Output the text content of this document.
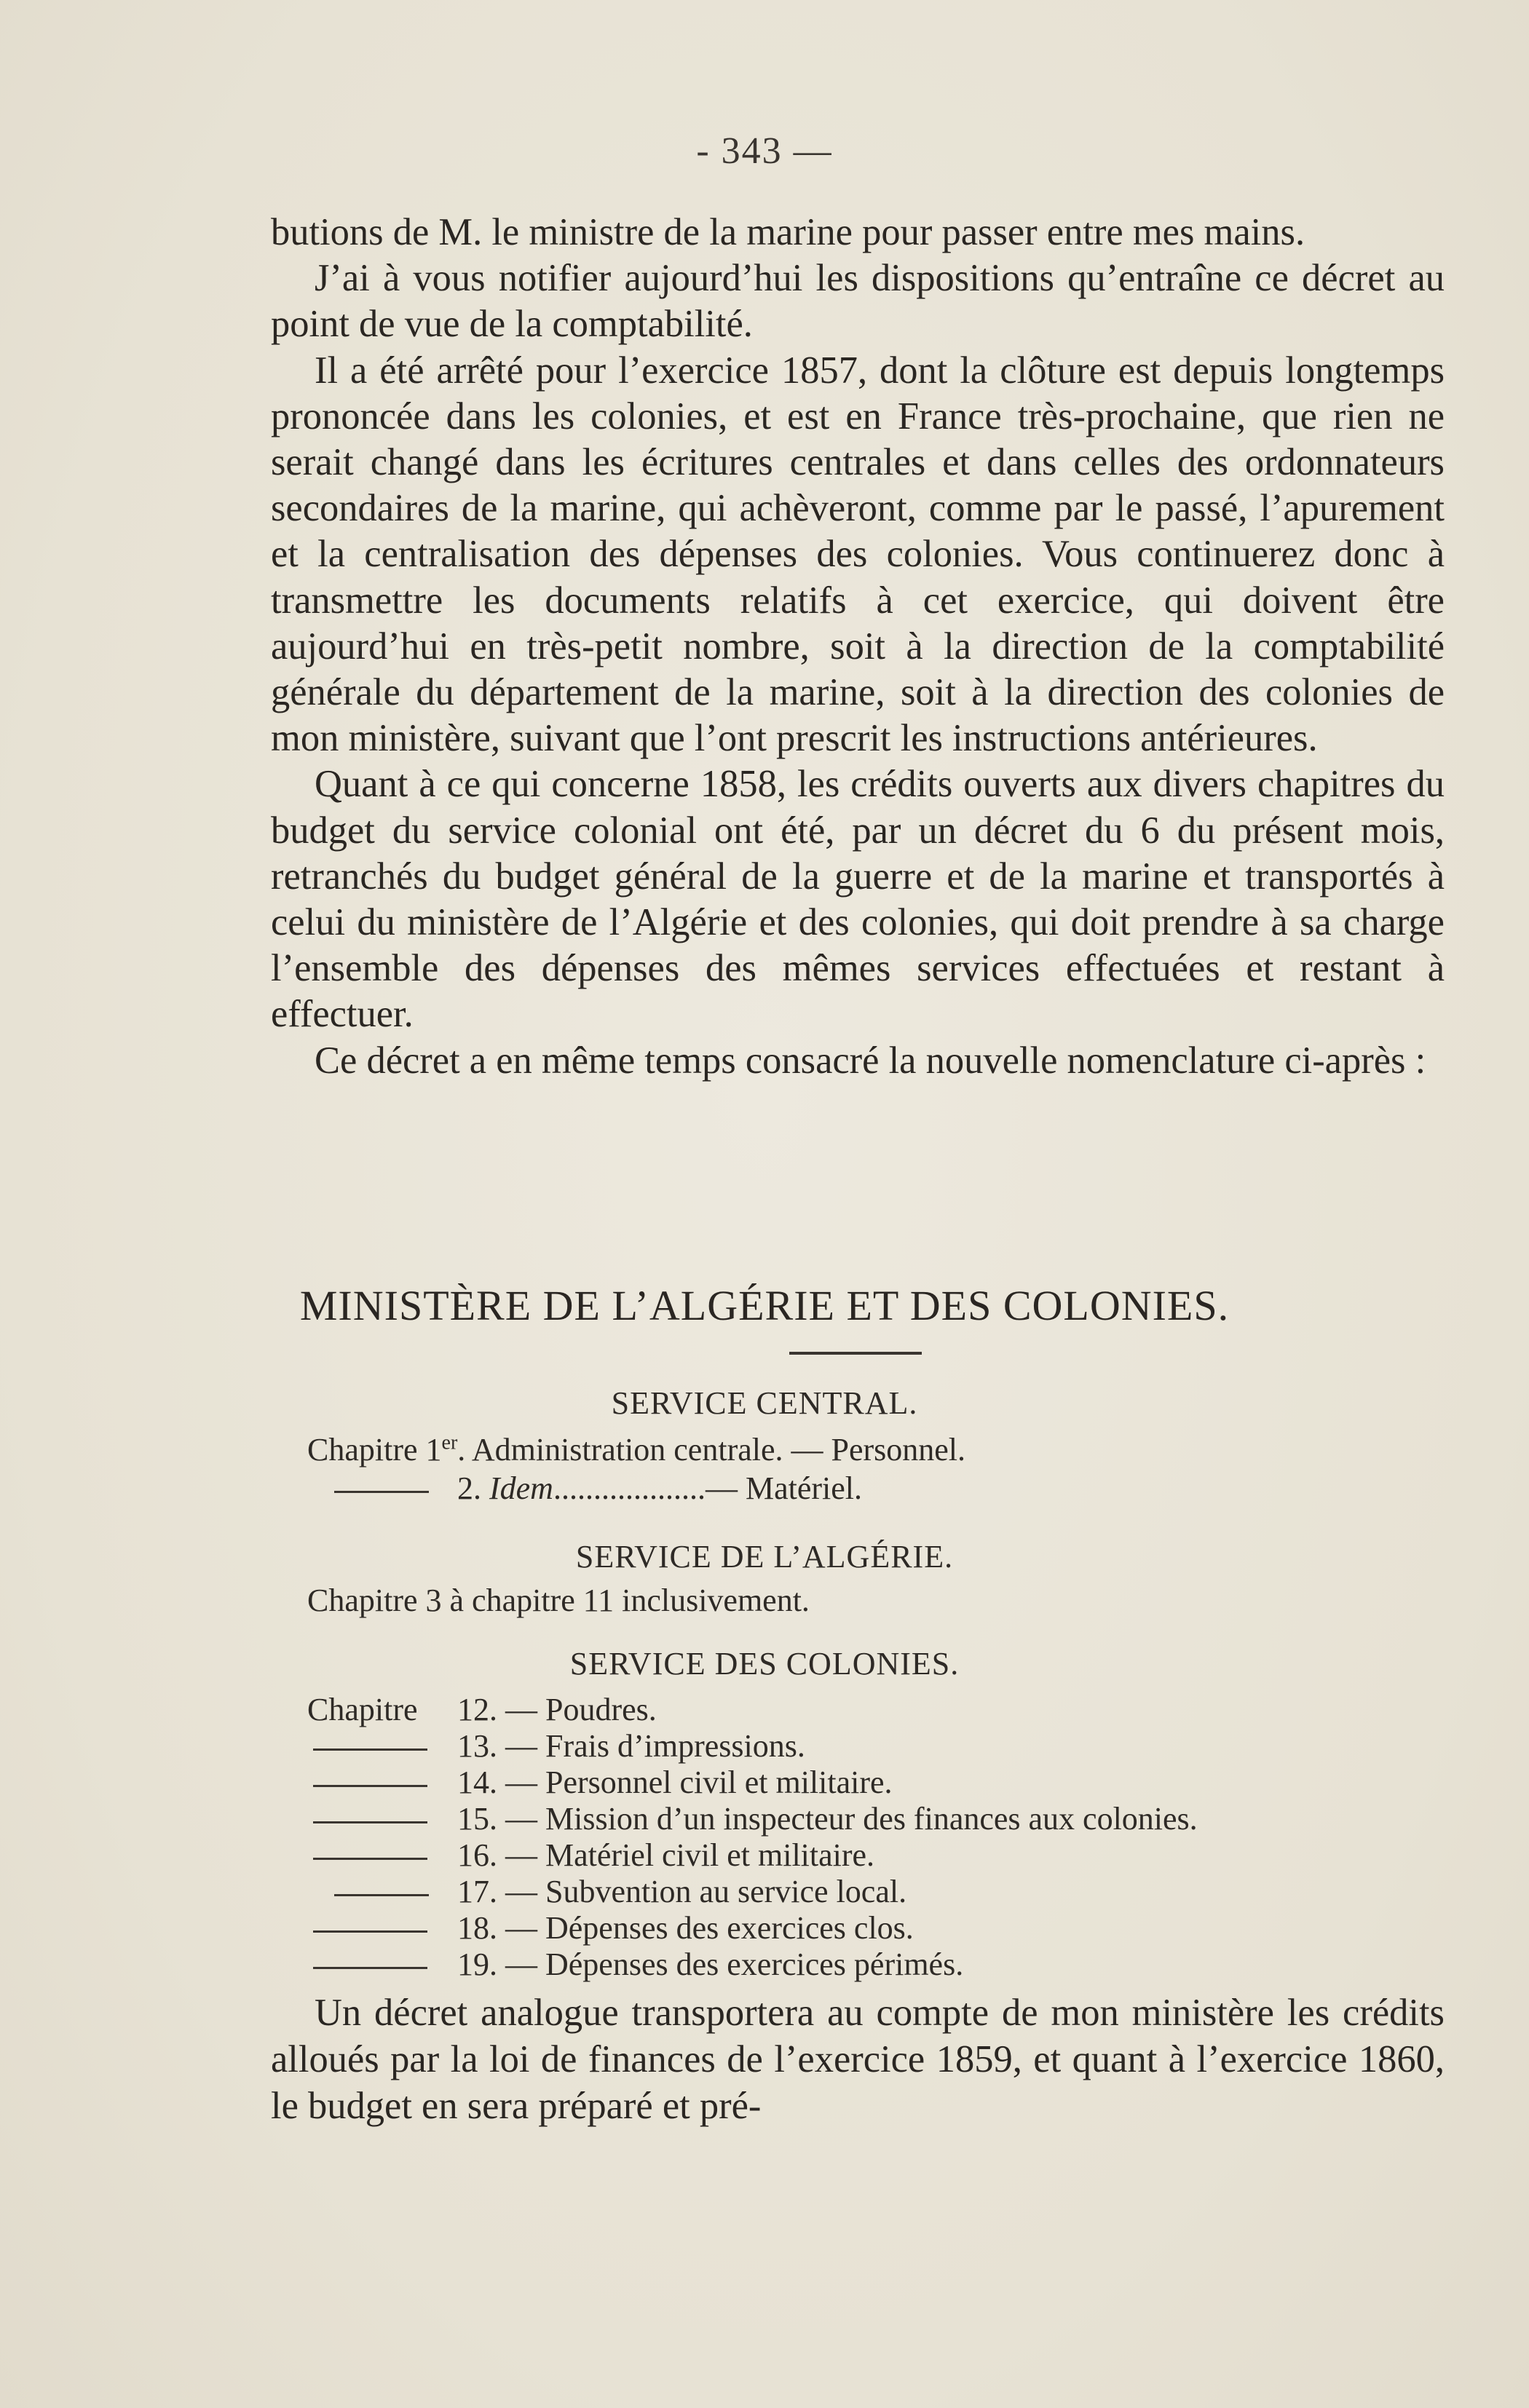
- 343 —

butions de M. le ministre de la marine pour passer entre mes mains.

J’ai à vous notifier aujourd’hui les dispositions qu’entraîne ce décret au point de vue de la comptabilité.

Il a été arrêté pour l’exercice 1857, dont la clôture est depuis longtemps prononcée dans les colonies, et est en France très-prochaine, que rien ne serait changé dans les écritures centrales et dans celles des ordonnateurs secondaires de la marine, qui achèveront, comme par le passé, l’apurement et la centralisation des dépenses des colonies. Vous continuerez donc à transmettre les documents relatifs à cet exercice, qui doivent être aujourd’hui en très-petit nombre, soit à la direction de la comptabilité générale du département de la marine, soit à la direction des colonies de mon ministère, suivant que l’ont prescrit les instructions antérieures.

Quant à ce qui concerne 1858, les crédits ouverts aux divers chapitres du budget du service colonial ont été, par un décret du 6 du présent mois, retranchés du budget général de la guerre et de la marine et transportés à celui du ministère de l’Algérie et des colonies, qui doit prendre à sa charge l’ensemble des dépenses des mêmes services effectuées et restant à effectuer.

Ce décret a en même temps consacré la nouvelle nomenclature ci-après :

MINISTÈRE DE L’ALGÉRIE ET DES COLONIES.
SERVICE CENTRAL.
Chapitre 1er. Administration centrale. — Personnel.
2. Idem...................— Matériel.
SERVICE DE L’ALGÉRIE.
Chapitre 3 à chapitre 11 inclusivement.
SERVICE DES COLONIES.
Chapitre 12. — Poudres.
13. — Frais d’impressions.
14. — Personnel civil et militaire.
15. — Mission d’un inspecteur des finances aux colonies.
16. — Matériel civil et militaire.
17. — Subvention au service local.
18. — Dépenses des exercices clos.
19. — Dépenses des exercices périmés.

Un décret analogue transportera au compte de mon ministère les crédits alloués par la loi de finances de l’exercice 1859, et quant à l’exercice 1860, le budget en sera préparé et pré-
